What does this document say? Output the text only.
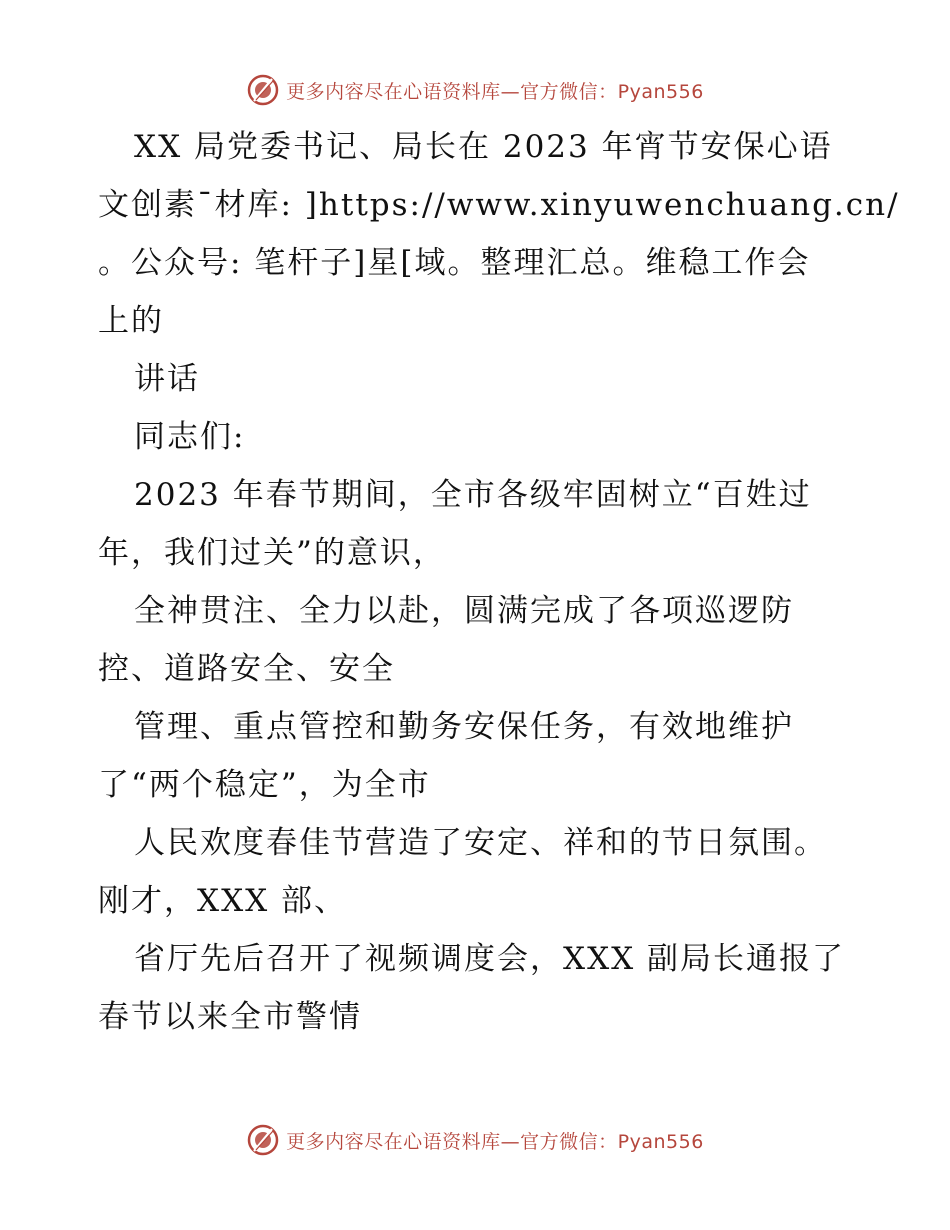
更多内容尽在心语资料库—官方微信：Pyan556
XX 局党委书记、局长在 2023 年宵节安保心语
文创素¯材库: ]https://www.xinyuwenchuang.cn/
。公众号: 笔杆子]星[域。整理汇总。维稳工作会
上的
讲话
同志们:
2023 年春节期间，全市各级牢固树立“百姓过
年，我们过关”的意识，
全神贯注、全力以赴，圆满完成了各项巡逻防
控、道路安全、安全
管理、重点管控和勤务安保任务，有效地维护
了“两个稳定”，为全市
人民欢度春佳节营造了安定、祥和的节日氛围。
刚才，XXX 部、
省厅先后召开了视频调度会，XXX 副局长通报了
春节以来全市警情
更多内容尽在心语资料库—官方微信：Pyan556
